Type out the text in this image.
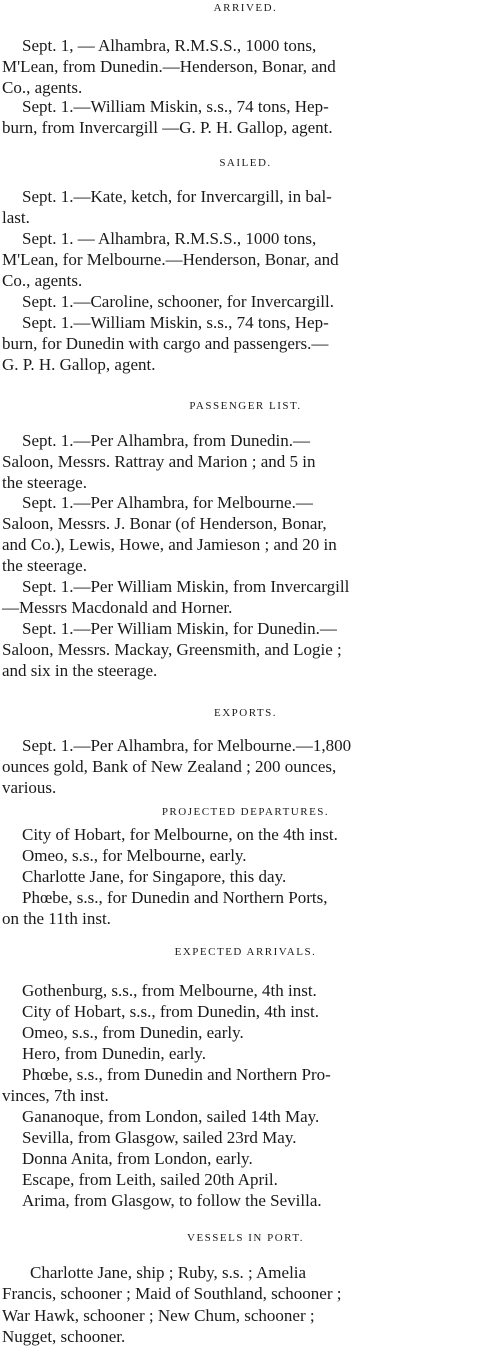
ARRIVED.
Sept. 1, — Alhambra, R.M.S.S., 1000 tons,
M'Lean, from Dunedin.—Henderson, Bonar, and
Co., agents.
Sept. 1.—William Miskin, s.s., 74 tons, Hep-
burn, from Invercargill —G. P. H. Gallop, agent.
SAILED.
Sept. 1.—Kate, ketch, for Invercargill, in bal-
last.
Sept. 1. — Alhambra, R.M.S.S., 1000 tons,
M'Lean, for Melbourne.—Henderson, Bonar, and
Co., agents.
Sept. 1.—Caroline, schooner, for Invercargill.
Sept. 1.—William Miskin, s.s., 74 tons, Hep-
burn, for Dunedin with cargo and passengers.—
G. P. H. Gallop, agent.
PASSENGER LIST.
Sept. 1.—Per Alhambra, from Dunedin.—
Saloon, Messrs. Rattray and Marion ; and 5 in
the steerage.
Sept. 1.—Per Alhambra, for Melbourne.—
Saloon, Messrs. J. Bonar (of Henderson, Bonar,
and Co.), Lewis, Howe, and Jamieson ; and 20 in
the steerage.
Sept. 1.—Per William Miskin, from Invercargill
—Messrs Macdonald and Horner.
Sept. 1.—Per William Miskin, for Dunedin.—
Saloon, Messrs. Mackay, Greensmith, and Logie ;
and six in the steerage.
EXPORTS.
Sept. 1.—Per Alhambra, for Melbourne.—1,800
ounces gold, Bank of New Zealand ; 200 ounces,
various.
PROJECTED DEPARTURES.
City of Hobart, for Melbourne, on the 4th inst.
Omeo, s.s., for Melbourne, early.
Charlotte Jane, for Singapore, this day.
Phœbe, s.s., for Dunedin and Northern Ports,
on the 11th inst.
EXPECTED ARRIVALS.
Gothenburg, s.s., from Melbourne, 4th inst.
City of Hobart, s.s., from Dunedin, 4th inst.
Omeo, s.s., from Dunedin, early.
Hero, from Dunedin, early.
Phœbe, s.s., from Dunedin and Northern Pro-
vinces, 7th inst.
Gananoque, from London, sailed 14th May.
Sevilla, from Glasgow, sailed 23rd May.
Donna Anita, from London, early.
Escape, from Leith, sailed 20th April.
Arima, from Glasgow, to follow the Sevilla.
VESSELS IN PORT.
Charlotte Jane, ship ; Ruby, s.s. ; Amelia
Francis, schooner ; Maid of Southland, schooner ;
War Hawk, schooner ; New Chum, schooner ;
Nugget, schooner.
